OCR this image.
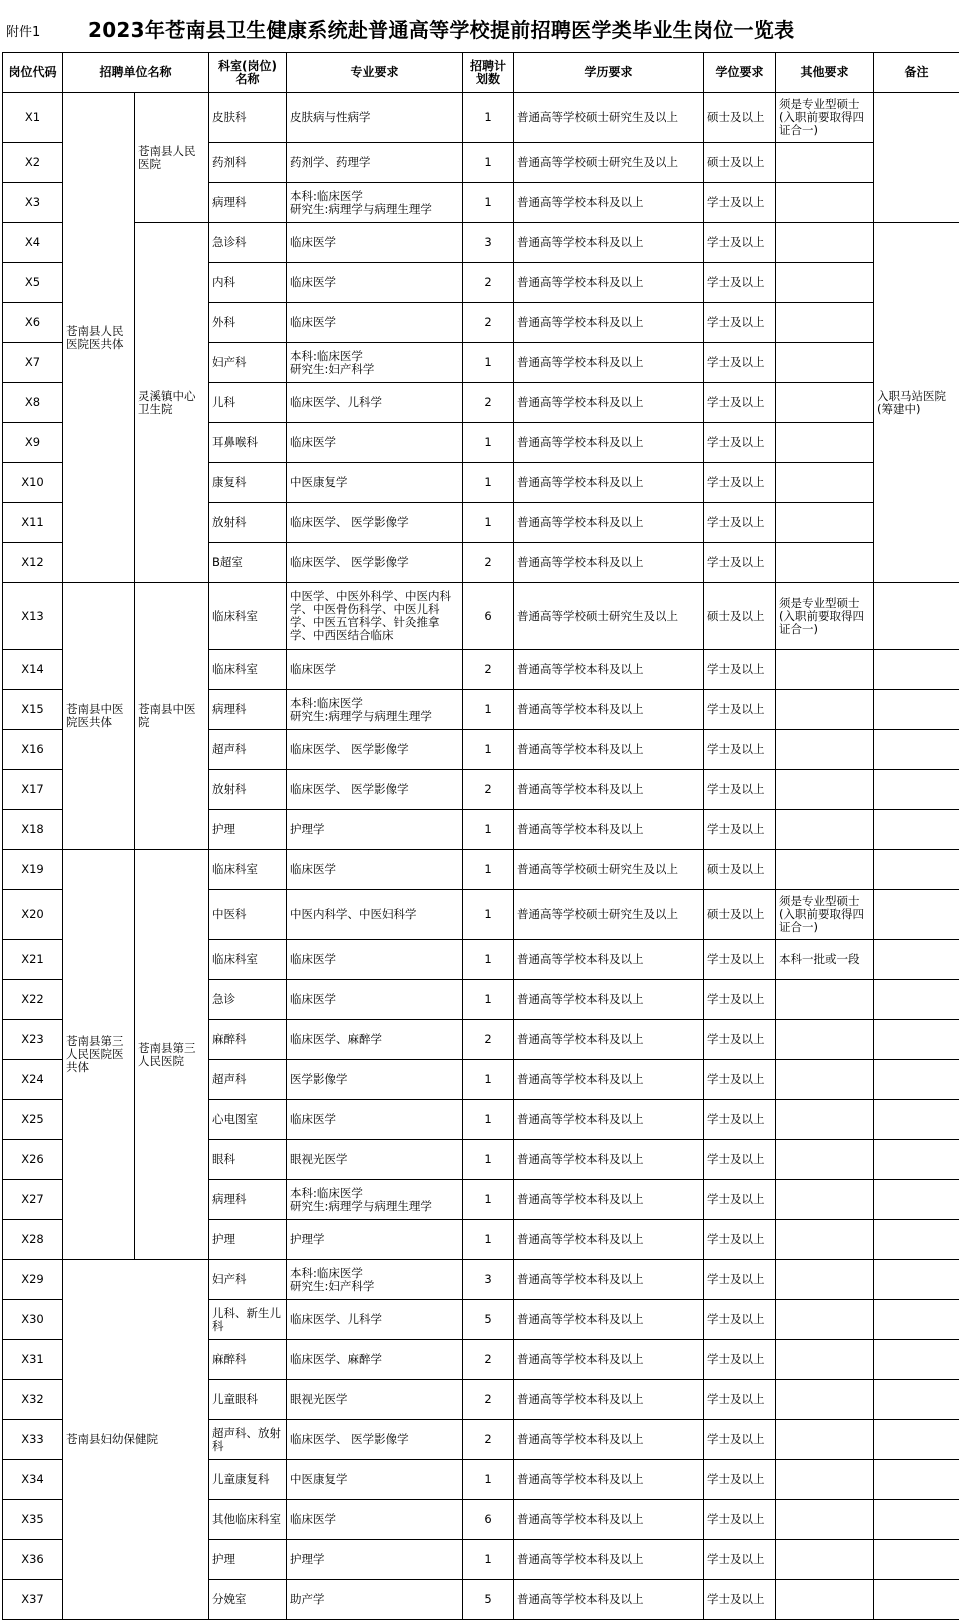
附件1 2023年苍南县卫生健康系统赴普通高等学校提前招聘医学类毕业生岗位一览表
岗位代码	招聘单位名称		科室(岗位)
名称	专业要求	招聘计
划数	学历要求	学位要求	其他要求	备注
X1	苍南县人民医院医共体	苍南县人民医院	皮肤科	皮肤病与性病学	1	普通高等学校硕士研究生及以上	硕士及以上	须是专业型硕士(入职前要取得四证合一)	
X2			药剂科	药剂学、药理学	1	普通高等学校硕士研究生及以上	硕士及以上		
X3			病理科	本科:临床医学
研究生:病理学与病理生理学	1	普通高等学校本科及以上	学士及以上		
X4		灵溪镇中心卫生院	急诊科	临床医学	3	普通高等学校本科及以上	学士及以上		入职马站医院(筹建中)
X5			内科	临床医学	2	普通高等学校本科及以上	学士及以上		
X6			外科	临床医学	2	普通高等学校本科及以上	学士及以上		
X7			妇产科	本科:临床医学
研究生:妇产科学	1	普通高等学校本科及以上	学士及以上		
X8			儿科	临床医学、儿科学	2	普通高等学校本科及以上	学士及以上		
X9			耳鼻喉科	临床医学	1	普通高等学校本科及以上	学士及以上		
X10			康复科	中医康复学	1	普通高等学校本科及以上	学士及以上		
X11			放射科	临床医学、 医学影像学	1	普通高等学校本科及以上	学士及以上		
X12			B超室	临床医学、 医学影像学	2	普通高等学校本科及以上	学士及以上		
X13	苍南县中医院医共体	苍南县中医院	临床科室	中医学、中医外科学、中医内科学、中医骨伤科学、中医儿科学、中医五官科学、针灸推拿学、中西医结合临床	6	普通高等学校硕士研究生及以上	硕士及以上	须是专业型硕士(入职前要取得四证合一)	
X14			临床科室	临床医学	2	普通高等学校本科及以上	学士及以上		
X15			病理科	本科:临床医学
研究生:病理学与病理生理学	1	普通高等学校本科及以上	学士及以上		
X16			超声科	临床医学、 医学影像学	1	普通高等学校本科及以上	学士及以上		
X17			放射科	临床医学、 医学影像学	2	普通高等学校本科及以上	学士及以上		
X18			护理	护理学	1	普通高等学校本科及以上	学士及以上		
X19	苍南县第三人民医院医共体	苍南县第三人民医院	临床科室	临床医学	1	普通高等学校硕士研究生及以上	硕士及以上		
X20			中医科	中医内科学、中医妇科学	1	普通高等学校硕士研究生及以上	硕士及以上	须是专业型硕士(入职前要取得四证合一)	
X21			临床科室	临床医学	1	普通高等学校本科及以上	学士及以上	本科一批或一段	
X22			急诊	临床医学	1	普通高等学校本科及以上	学士及以上		
X23			麻醉科	临床医学、麻醉学	2	普通高等学校本科及以上	学士及以上		
X24			超声科	医学影像学	1	普通高等学校本科及以上	学士及以上		
X25			心电图室	临床医学	1	普通高等学校本科及以上	学士及以上		
X26			眼科	眼视光医学	1	普通高等学校本科及以上	学士及以上		
X27			病理科	本科:临床医学
研究生:病理学与病理生理学	1	普通高等学校本科及以上	学士及以上		
X28			护理	护理学	1	普通高等学校本科及以上	学士及以上		
X29	苍南县妇幼保健院		妇产科	本科:临床医学
研究生:妇产科学	3	普通高等学校本科及以上	学士及以上		
X30			儿科、新生儿科	临床医学、儿科学	5	普通高等学校本科及以上	学士及以上		
X31			麻醉科	临床医学、麻醉学	2	普通高等学校本科及以上	学士及以上		
X32			儿童眼科	眼视光医学	2	普通高等学校本科及以上	学士及以上		
X33			超声科、放射科	临床医学、 医学影像学	2	普通高等学校本科及以上	学士及以上		
X34			儿童康复科	中医康复学	1	普通高等学校本科及以上	学士及以上		
X35			其他临床科室	临床医学	6	普通高等学校本科及以上	学士及以上		
X36			护理	护理学	1	普通高等学校本科及以上	学士及以上		
X37			分娩室	助产学	5	普通高等学校本科及以上	学士及以上		
